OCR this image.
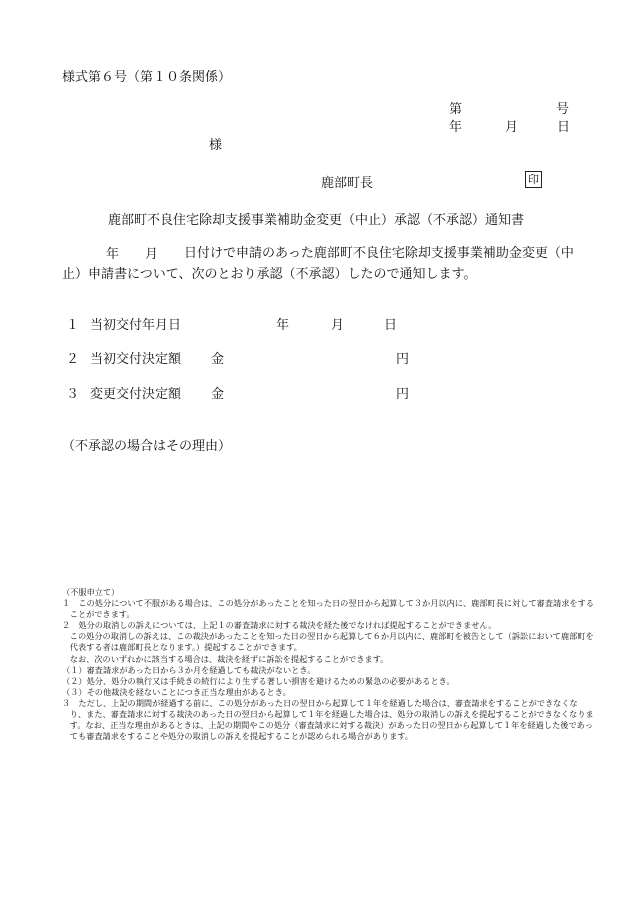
様式第６号（第１０条関係）
第	号
年	月	日
様
鹿部町長	印
鹿部町不良住宅除却支援事業補助金変更（中止）承認（不承認）通知書
年 月	日付けで申請のあった鹿部町不良住宅除却支援事業補助金変更（中止）申請書について、次のとおり承認（不承認）したので通知します。
１ 当初交付年月日	年	月	日
２ 当初交付決定額 金	円
３ 変更交付決定額 金	円
（不承認の場合はその理由）
（不服申立て）
１　この処分について不服がある場合は、この処分があったことを知った日の翌日から起算して３か月以内に、鹿部町長に対して審査請求をすることができます。
２　処分の取消しの訴えについては、上記１の審査請求に対する裁決を経た後でなければ提起することができません。
この処分の取消しの訴えは、この裁決があったことを知った日の翌日から起算して６か月以内に、鹿部町を被告として（訴訟において鹿部町を代表する者は鹿部町長となります。）提起することができます。
なお、次のいずれかに該当する場合は、裁決を経ずに訴訟を提起することができます。
（１）審査請求があった日から３か月を経過しても裁決がないとき。
（２）処分、処分の執行又は手続きの続行により生ずる著しい損害を避けるための緊急の必要があるとき。
（３）その他裁決を経ないことにつき正当な理由があるとき。
３　ただし、上記の期間が経過する前に、この処分があった日の翌日から起算して１年を経過した場合は、審査請求をすることができなくなり、また、審査請求に対する裁決のあった日の翌日から起算して１年を経過した場合は、処分の取消しの訴えを提起することができなくなります。なお、正当な理由があるときは、上記の期間やこの処分（審査請求に対する裁決）があった日の翌日から起算して１年を経過した後であっても審査請求をすることや処分の取消しの訴えを提起することが認められる場合があります。
